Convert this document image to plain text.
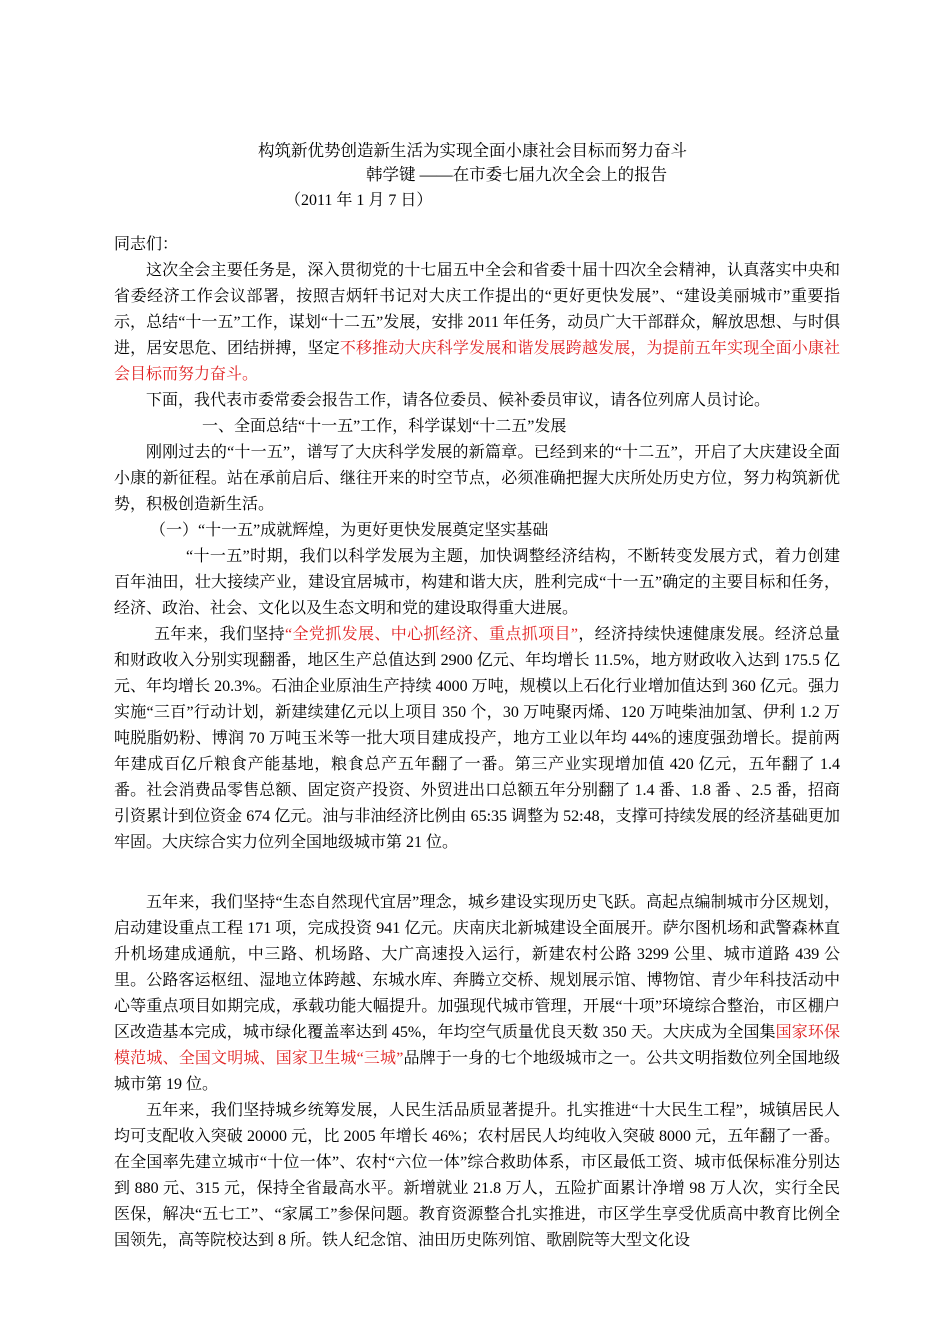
构筑新优势创造新生活为实现全面小康社会目标而努力奋斗
韩学键 ——在市委七届九次全会上的报告
（2011 年 1 月 7 日）

同志们：

这次全会主要任务是，深入贯彻党的十七届五中全会和省委十届十四次全会精神，认真落实中央和省委经济工作会议部署，按照吉炳轩书记对大庆工作提出的“更好更快发展”、“建设美丽城市”重要指示，总结“十一五”工作，谋划“十二五”发展，安排 2011 年任务，动员广大干部群众，解放思想、与时俱进，居安思危、团结拼搏，坚定不移推动大庆科学发展和谐发展跨越发展，为提前五年实现全面小康社会目标而努力奋斗。

下面，我代表市委常委会报告工作，请各位委员、候补委员审议，请各位列席人员讨论。

一、全面总结“十一五”工作，科学谋划“十二五”发展

刚刚过去的“十一五”，谱写了大庆科学发展的新篇章。已经到来的“十二五”，开启了大庆建设全面小康的新征程。站在承前启后、继往开来的时空节点，必须准确把握大庆所处历史方位，努力构筑新优势，积极创造新生活。

（一）“十一五”成就辉煌，为更好更快发展奠定坚实基础

“十一五”时期，我们以科学发展为主题，加快调整经济结构，不断转变发展方式，着力创建百年油田，壮大接续产业，建设宜居城市，构建和谐大庆，胜利完成“十一五”确定的主要目标和任务，经济、政治、社会、文化以及生态文明和党的建设取得重大进展。

五年来，我们坚持“全党抓发展、中心抓经济、重点抓项目”，经济持续快速健康发展。经济总量和财政收入分别实现翻番，地区生产总值达到 2900 亿元、年均增长 11.5%，地方财政收入达到 175.5 亿元、年均增长 20.3%。石油企业原油生产持续 4000 万吨，规模以上石化行业增加值达到 360 亿元。强力实施“三百”行动计划，新建续建亿元以上项目 350 个，30 万吨聚丙烯、120 万吨柴油加氢、伊利 1.2 万吨脱脂奶粉、博润 70 万吨玉米等一批大项目建成投产，地方工业以年均 44%的速度强劲增长。提前两年建成百亿斤粮食产能基地，粮食总产五年翻了一番。第三产业实现增加值 420 亿元，五年翻了 1.4 番。社会消费品零售总额、固定资产投资、外贸进出口总额五年分别翻了 1.4 番、1.8 番 、2.5 番，招商引资累计到位资金 674 亿元。油与非油经济比例由 65:35 调整为 52:48，支撑可持续发展的经济基础更加牢固。大庆综合实力位列全国地级城市第 21 位。

五年来，我们坚持“生态自然现代宜居”理念，城乡建设实现历史飞跃。高起点编制城市分区规划，启动建设重点工程 171 项，完成投资 941 亿元。庆南庆北新城建设全面展开。萨尔图机场和武警森林直升机场建成通航，中三路、机场路、大广高速投入运行，新建农村公路 3299 公里、城市道路 439 公里。公路客运枢纽、湿地立体跨越、东城水库、奔腾立交桥、规划展示馆、博物馆、青少年科技活动中心等重点项目如期完成，承载功能大幅提升。加强现代城市管理，开展“十项”环境综合整治，市区棚户区改造基本完成，城市绿化覆盖率达到 45%，年均空气质量优良天数 350 天。大庆成为全国集国家环保模范城、全国文明城、国家卫生城“三城”品牌于一身的七个地级城市之一。公共文明指数位列全国地级城市第 19 位。

五年来，我们坚持城乡统筹发展，人民生活品质显著提升。扎实推进“十大民生工程”，城镇居民人均可支配收入突破 20000 元，比 2005 年增长 46%；农村居民人均纯收入突破 8000 元，五年翻了一番。在全国率先建立城市“十位一体”、农村“六位一体”综合救助体系，市区最低工资、城市低保标准分别达到 880 元、315 元，保持全省最高水平。新增就业 21.8 万人，五险扩面累计净增 98 万人次，实行全民医保，解决“五七工”、“家属工”参保问题。教育资源整合扎实推进，市区学生享受优质高中教育比例全国领先，高等院校达到 8 所。铁人纪念馆、油田历史陈列馆、歌剧院等大型文化设
